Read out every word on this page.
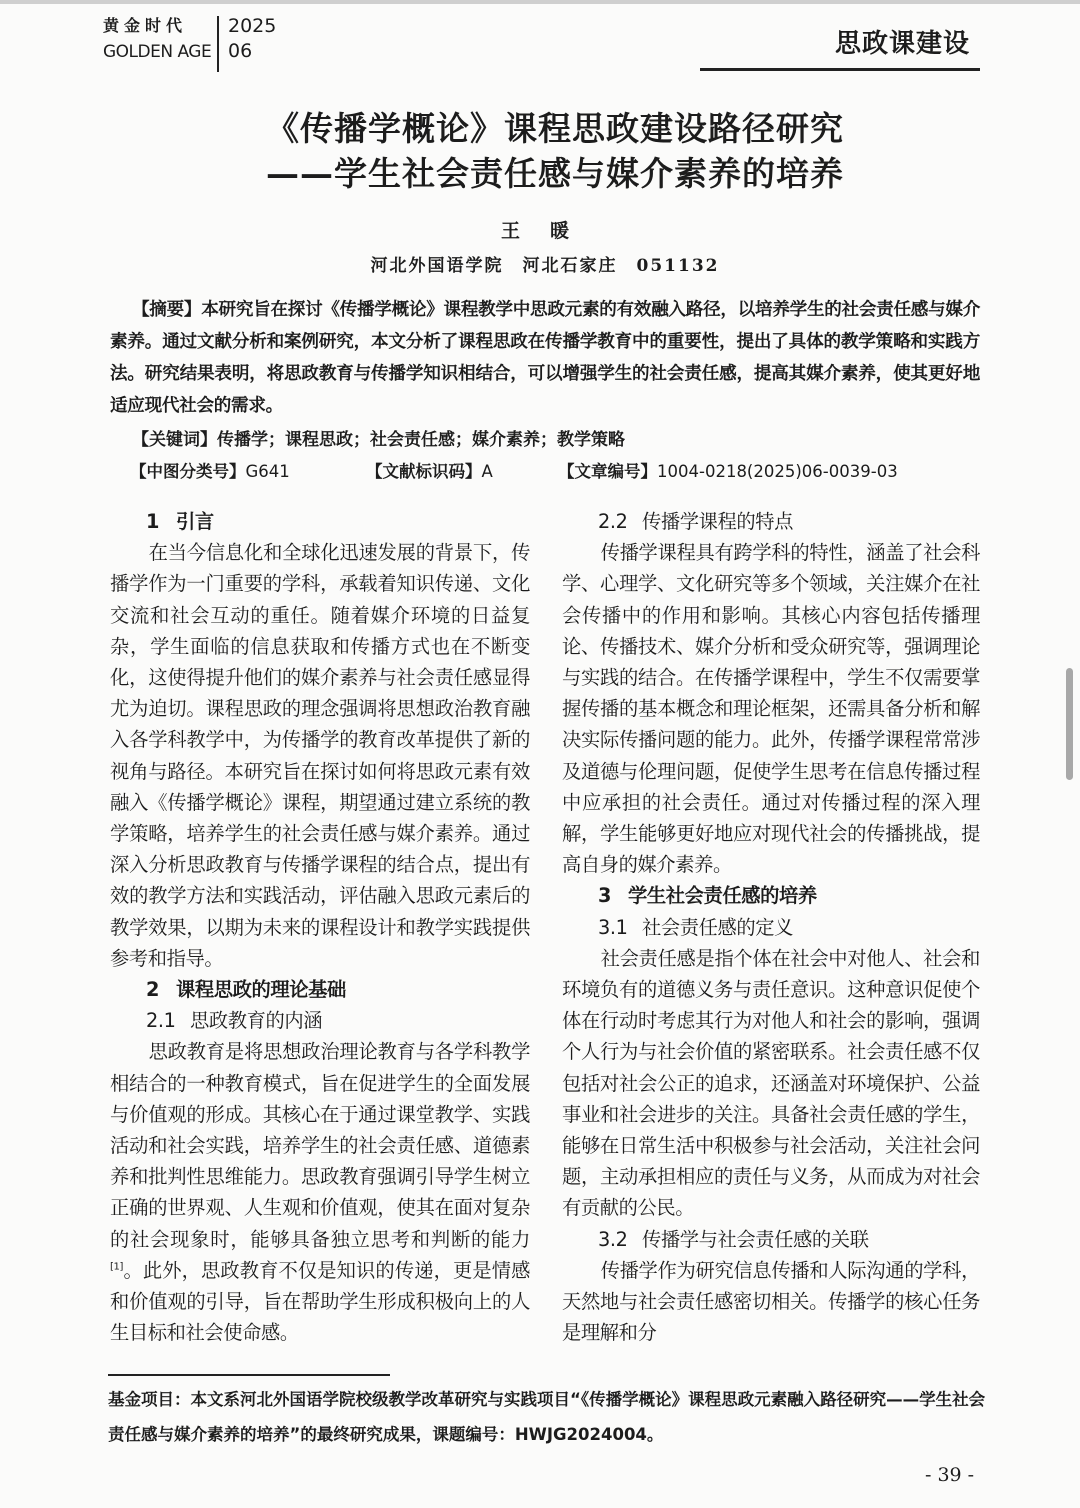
黄金时代
GOLDEN AGE
2025
06	思政课建设
《传播学概论》课程思政建设路径研究
——学生社会责任感与媒介素养的培养
王暖
河北外国语学院　河北石家庄　051132
【摘要】本研究旨在探讨《传播学概论》课程教学中思政元素的有效融入路径，以培养学生的社会责任感与媒介素养。通过文献分析和案例研究，本文分析了课程思政在传播学教育中的重要性，提出了具体的教学策略和实践方法。研究结果表明，将思政教育与传播学知识相结合，可以增强学生的社会责任感，提高其媒介素养，使其更好地适应现代社会的需求。
【关键词】传播学；课程思政；社会责任感；媒介素养；教学策略
【中图分类号】G641	【文献标识码】A	【文章编号】1004-0218(2025)06-0039-03
1 引言

在当今信息化和全球化迅速发展的背景下，传播学作为一门重要的学科，承载着知识传递、文化交流和社会互动的重任。随着媒介环境的日益复杂，学生面临的信息获取和传播方式也在不断变化，这使得提升他们的媒介素养与社会责任感显得尤为迫切。课程思政的理念强调将思想政治教育融入各学科教学中，为传播学的教育改革提供了新的视角与路径。本研究旨在探讨如何将思政元素有效融入《传播学概论》课程，期望通过建立系统的教学策略，培养学生的社会责任感与媒介素养。通过深入分析思政教育与传播学课程的结合点，提出有效的教学方法和实践活动，评估融入思政元素后的教学效果，以期为未来的课程设计和教学实践提供参考和指导。

2 课程思政的理论基础
2.1 思政教育的内涵

思政教育是将思想政治理论教育与各学科教学相结合的一种教育模式，旨在促进学生的全面发展与价值观的形成。其核心在于通过课堂教学、实践活动和社会实践，培养学生的社会责任感、道德素养和批判性思维能力。思政教育强调引导学生树立正确的世界观、人生观和价值观，使其在面对复杂的社会现象时，能够具备独立思考和判断的能力[1]。此外，思政教育不仅是知识的传递，更是情感和价值观的引导，旨在帮助学生形成积极向上的人生目标和社会使命感。

2.2 传播学课程的特点

传播学课程具有跨学科的特性，涵盖了社会科学、心理学、文化研究等多个领域，关注媒介在社会传播中的作用和影响。其核心内容包括传播理论、传播技术、媒介分析和受众研究等，强调理论与实践的结合。在传播学课程中，学生不仅需要掌握传播的基本概念和理论框架，还需具备分析和解决实际传播问题的能力。此外，传播学课程常常涉及道德与伦理问题，促使学生思考在信息传播过程中应承担的社会责任。通过对传播过程的深入理解，学生能够更好地应对现代社会的传播挑战，提高自身的媒介素养。

3 学生社会责任感的培养
3.1 社会责任感的定义

社会责任感是指个体在社会中对他人、社会和环境负有的道德义务与责任意识。这种意识促使个体在行动时考虑其行为对他人和社会的影响，强调个人行为与社会价值的紧密联系。社会责任感不仅包括对社会公正的追求，还涵盖对环境保护、公益事业和社会进步的关注。具备社会责任感的学生，能够在日常生活中积极参与社会活动，关注社会问题，主动承担相应的责任与义务，从而成为对社会有贡献的公民。

3.2 传播学与社会责任感的关联

传播学作为研究信息传播和人际沟通的学科，天然地与社会责任感密切相关。传播学的核心任务是理解和分

基金项目：本文系河北外国语学院校级教学改革研究与实践项目“《传播学概论》课程思政元素融入路径研究——学生社会责任感与媒介素养的培养”的最终研究成果，课题编号：HWJG2024004。
- 39 -
